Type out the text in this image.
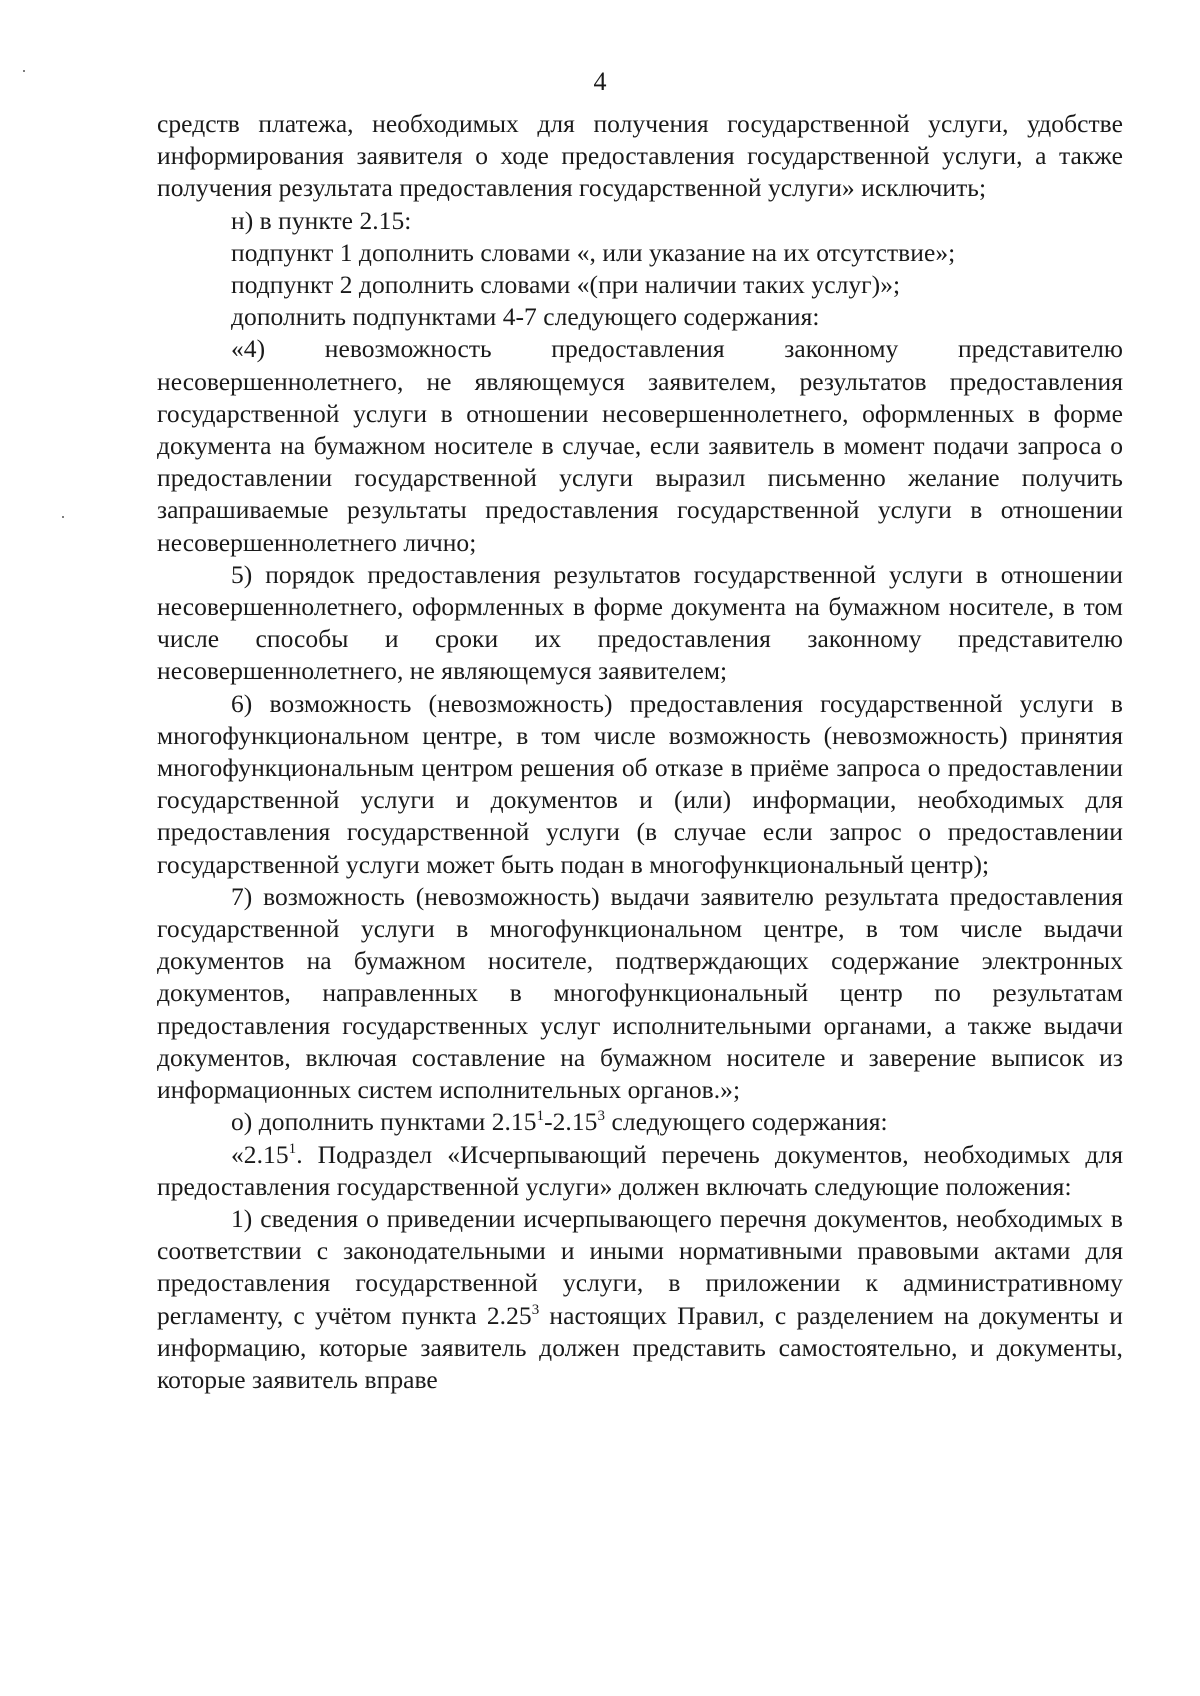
4

средств платежа, необходимых для получения государственной услуги, удобстве информирования заявителя о ходе предоставления государственной услуги, а также получения результата предоставления государственной услуги» исключить;

н) в пункте 2.15:

подпункт 1 дополнить словами «, или указание на их отсутствие»;

подпункт 2 дополнить словами «(при наличии таких услуг)»;

дополнить подпунктами 4-7 следующего содержания:

«4) невозможность предоставления законному представителю несовершеннолетнего, не являющемуся заявителем, результатов предоставления государственной услуги в отношении несовершеннолетнего, оформленных в форме документа на бумажном носителе в случае, если заявитель в момент подачи запроса о предоставлении государственной услуги выразил письменно желание получить запрашиваемые результаты предоставления государственной услуги в отношении несовершеннолетнего лично;

5) порядок предоставления результатов государственной услуги в отношении несовершеннолетнего, оформленных в форме документа на бумажном носителе, в том числе способы и сроки их предоставления законному представителю несовершеннолетнего, не являющемуся заявителем;

6) возможность (невозможность) предоставления государственной услуги в многофункциональном центре, в том числе возможность (невозможность) принятия многофункциональным центром решения об отказе в приёме запроса о предоставлении государственной услуги и документов и (или) информации, необходимых для предоставления государственной услуги (в случае если запрос о предоставлении государственной услуги может быть подан в многофункциональный центр);

7) возможность (невозможность) выдачи заявителю результата предоставления государственной услуги в многофункциональном центре, в том числе выдачи документов на бумажном носителе, подтверждающих содержание электронных документов, направленных в многофункциональный центр по результатам предоставления государственных услуг исполнительными органами, а также выдачи документов, включая составление на бумажном носителе и заверение выписок из информационных систем исполнительных органов.»;

о) дополнить пунктами 2.15$^1$-2.15$^3$ следующего содержания:

«2.15$^1$. Подраздел «Исчерпывающий перечень документов, необходимых для предоставления государственной услуги» должен включать следующие положения:

1) сведения о приведении исчерпывающего перечня документов, необходимых в соответствии с законодательными и иными нормативными правовыми актами для предоставления государственной услуги, в приложении к административному регламенту, с учётом пункта 2.25$^3$ настоящих Правил, с разделением на документы и информацию, которые заявитель должен представить самостоятельно, и документы, которые заявитель вправе
